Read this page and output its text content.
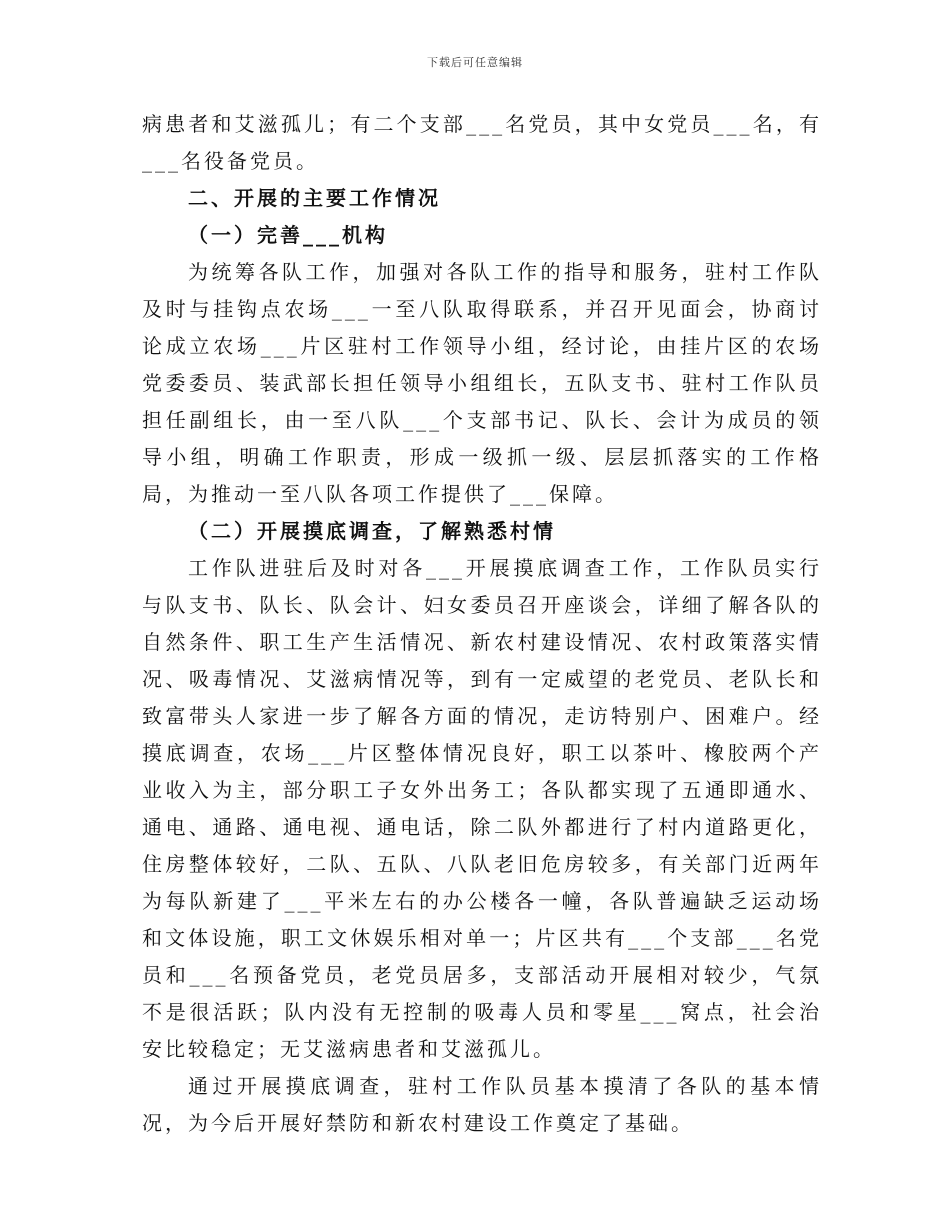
下载后可任意编辑

病患者和艾滋孤儿；有二个支部___名党员，其中女党员___名，有___名役备党员。

二、开展的主要工作情况

（一）完善___机构

为统筹各队工作，加强对各队工作的指导和服务，驻村工作队及时与挂钩点农场___一至八队取得联系，并召开见面会，协商讨论成立农场___片区驻村工作领导小组，经讨论，由挂片区的农场党委委员、装武部长担任领导小组组长，五队支书、驻村工作队员担任副组长，由一至八队___个支部书记、队长、会计为成员的领导小组，明确工作职责，形成一级抓一级、层层抓落实的工作格局，为推动一至八队各项工作提供了___保障。

（二）开展摸底调查，了解熟悉村情

工作队进驻后及时对各___开展摸底调查工作，工作队员实行与队支书、队长、队会计、妇女委员召开座谈会，详细了解各队的自然条件、职工生产生活情况、新农村建设情况、农村政策落实情况、吸毒情况、艾滋病情况等，到有一定威望的老党员、老队长和致富带头人家进一步了解各方面的情况，走访特别户、困难户。经摸底调查，农场___片区整体情况良好，职工以茶叶、橡胶两个产业收入为主，部分职工子女外出务工；各队都实现了五通即通水、通电、通路、通电视、通电话，除二队外都进行了村内道路更化，住房整体较好，二队、五队、八队老旧危房较多，有关部门近两年为每队新建了___平米左右的办公楼各一幢，各队普遍缺乏运动场和文体设施，职工文休娱乐相对单一；片区共有___个支部___名党员和___名预备党员，老党员居多，支部活动开展相对较少，气氛不是很活跃；队内没有无控制的吸毒人员和零星___窝点，社会治安比较稳定；无艾滋病患者和艾滋孤儿。

通过开展摸底调查，驻村工作队员基本摸清了各队的基本情况，为今后开展好禁防和新农村建设工作奠定了基础。
